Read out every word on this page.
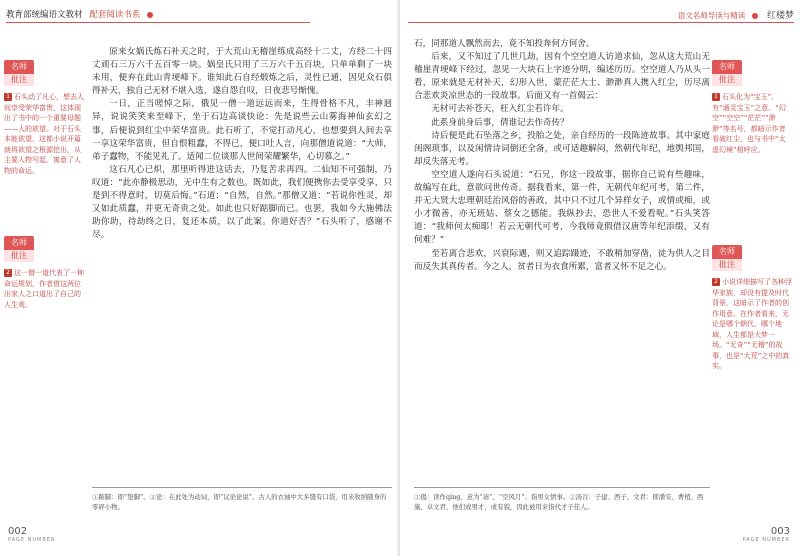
教育部统编语文教材 配套阅读书系
名师
批注
1 石头动了凡心，想去人间享受荣华富贵，这体现出了书中的一个重要母题——人的欲望。对于石头本能欲望，这都小说开篇就将欲望之根源挖出，从主要人物写起，寓意了人物的命运。
名师
批注
2 这一僧一道代表了一种命运规划，作者借这两位出家人之口道出了自己的人生观。

原来女娲氏炼石补天之时，于大荒山无稽崖练成高经十二丈，方经二十四丈顽石三万六千五百零一块。娲皇氏只用了三万六千五百块，只单单剩了一块未用，便弃在此山青埂峰下。谁知此石自经煅炼之后，灵性已通，因见众石俱得补天，独自己无材不堪入选，遂自怨自叹，日夜悲号惭愧。

一日，正当嗟悼之际，俄见一僧一道远远而来，生得骨格不凡，丰神迥异，说说笑笑来至峰下，坐于石边高谈快论：先是说些云山雾海神仙玄幻之事，后便说到红尘中荣华富贵。此石听了，不觉打动凡心，也想要到人间去享一享这荣华富贵，但自恨粗蠢，不得已，便口吐人言，向那僧道说道：“大师，弟子蠢物，不能见礼了。适闻二位谈那人世间荣耀繁华，心切慕之。”

这石凡心已炽，那里听得进这话去，乃复苦求再四。二仙知不可强制，乃叹道：“此亦静极思动，无中生有之数也。既如此，我们便携你去受享受享，只是到不得意时，切莫后悔。”石道：“自然，自然。”那僧又道：“若说你性灵，却又如此质蠢，并更无奇贵之处。如此也只好踮脚而已。也罢，我如今大施佛法助你助，待劫终之日，复还本质，以了此案。你道好否？”石头听了，感谢不尽。

①踮脚：即“垫脚”。②论：在此处为动词，即“议论论说”。古人的衣袖中大多缝有口袋，用来收纳随身的零碎小物。
002
PAGE NUMBER
语文名师导读与精读 红楼梦

石，同那道人飘然而去，竟不知投奔何方何舍。

后来，又不知过了几世几劫，因有个空空道人访道求仙，忽从这大荒山无稽崖青埂峰下经过，忽见一大块石上字迹分明，编述历历。空空道人乃从头一看，原来就是无材补天，幻形入世，蒙茫茫大士、渺渺真人携入红尘，历尽离合悲欢炎凉世态的一段故事。后面又有一首偈云：

无材可去补苍天，枉入红尘若许年。

此系身前身后事，倩谁记去作奇传？

诗后便是此石坠落之乡，投胎之处，亲自经历的一段陈迹故事。其中家庭闺阁琐事，以及闲情诗词倒还全备，或可适趣解闷，然朝代年纪，地舆邦国，却反失落无考。

空空道人遂向石头说道：“石兄，你这一段故事，据你自己说有些趣味，故编写在此，意欲问世传奇。据我看来，第一件，无朝代年纪可考，第二件，并无大贤大忠理朝廷治风俗的善政，其中只不过几个异样女子，或情或痴，或小才微善，亦无班姑、蔡女之德能。我纵抄去，恐世人不爱看呢。”石头笑答道：“我师何太痴耶！若云无朝代可考，今我师竟假借汉唐等年纪添缀，又有何难？”

至若离合悲欢，兴衰际遇，则又追踪蹑迹，不敢稍加穿凿，徒为供人之目而反失其真传者。今之人，贫者日为衣食所累，富者又怀不足之心。

名师
批注
1 石头化为“宝玉”，有“通灵宝玉”之意。“幻空”“空空”“茫茫”“渺渺”等名号，都暗示作者看破红尘，也与书中“太虚幻境”相呼应。
名师
批注
2 小说详细描写了各种浮华家族，却没有提及时代背景，这暗示了作者的创作用意。在作者看来，无论是哪个朝代，哪个地域，人生都是大梦一场。“无奇”“无稽”的故事，也是“大荒”之中的真实。
①偈：读作qíng，意为“请”、“空风月”；指男女情事。②汤谷：子建、西子、文君：即潘安、曹植、西施、卓文君，他们或男才，或有貌，因此被用来指代才子佳人。
003
PAGE NUMBER
